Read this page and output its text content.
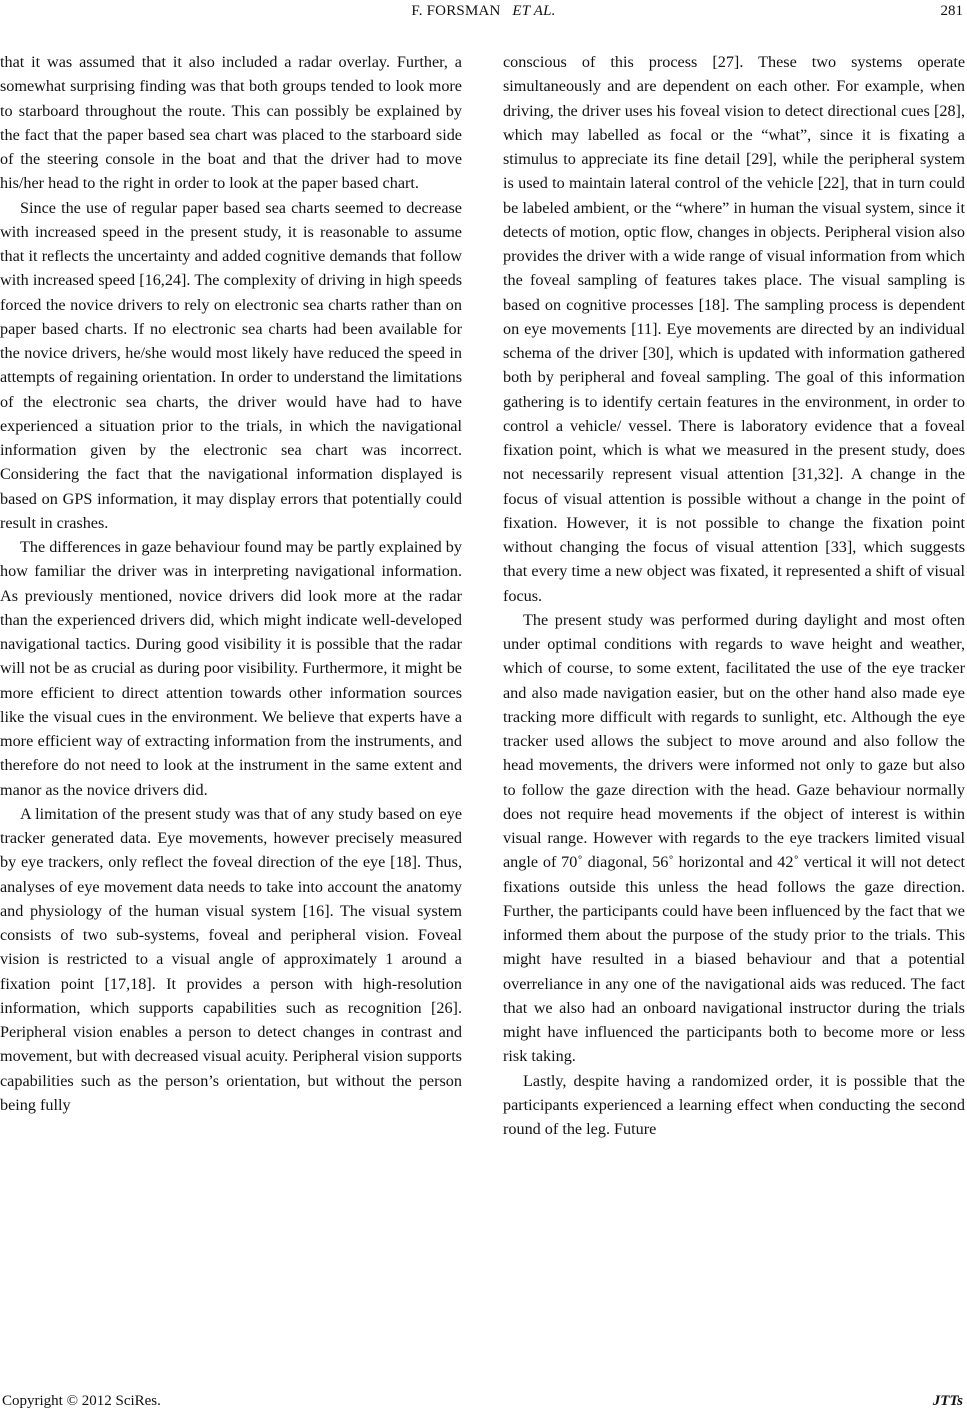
F. FORSMAN ET AL.	281

that it was assumed that it also included a radar overlay. Further, a somewhat surprising finding was that both groups tended to look more to starboard throughout the route. This can possibly be explained by the fact that the paper based sea chart was placed to the starboard side of the steering console in the boat and that the driver had to move his/her head to the right in order to look at the paper based chart.

Since the use of regular paper based sea charts seemed to decrease with increased speed in the present study, it is reasonable to assume that it reflects the uncertainty and added cognitive demands that follow with increased speed [16,24]. The complexity of driving in high speeds forced the novice drivers to rely on electronic sea charts rather than on paper based charts. If no electronic sea charts had been available for the novice drivers, he/she would most likely have reduced the speed in attempts of regaining orientation. In order to understand the limitations of the electronic sea charts, the driver would have had to have experienced a situation prior to the trials, in which the navigational information given by the electronic sea chart was incorrect. Considering the fact that the navigational information displayed is based on GPS information, it may display errors that potentially could result in crashes.

The differences in gaze behaviour found may be partly explained by how familiar the driver was in interpreting navigational information. As previously mentioned, novice drivers did look more at the radar than the experienced drivers did, which might indicate well-developed navigational tactics. During good visibility it is possible that the radar will not be as crucial as during poor visibility. Furthermore, it might be more efficient to direct attention towards other information sources like the visual cues in the environment. We believe that experts have a more efficient way of extracting information from the instruments, and therefore do not need to look at the instrument in the same extent and manor as the novice drivers did.

A limitation of the present study was that of any study based on eye tracker generated data. Eye movements, however precisely measured by eye trackers, only reflect the foveal direction of the eye [18]. Thus, analyses of eye movement data needs to take into account the anatomy and physiology of the human visual system [16]. The visual system consists of two sub-systems, foveal and peripheral vision. Foveal vision is restricted to a visual angle of approximately 1 around a fixation point [17,18]. It provides a person with high-resolution information, which supports capabilities such as recognition [26]. Peripheral vision enables a person to detect changes in contrast and movement, but with decreased visual acuity. Peripheral vision supports capabilities such as the person’s orientation, but without the person being fully

conscious of this process [27]. These two systems operate simultaneously and are dependent on each other. For example, when driving, the driver uses his foveal vision to detect directional cues [28], which may labelled as focal or the “what”, since it is fixating a stimulus to appreciate its fine detail [29], while the peripheral system is used to maintain lateral control of the vehicle [22], that in turn could be labeled ambient, or the “where” in human the visual system, since it detects of motion, optic flow, changes in objects. Peripheral vision also provides the driver with a wide range of visual information from which the foveal sampling of features takes place. The visual sampling is based on cognitive processes [18]. The sampling process is dependent on eye movements [11]. Eye movements are directed by an individual schema of the driver [30], which is updated with information gathered both by peripheral and foveal sampling. The goal of this information gathering is to identify certain features in the environment, in order to control a vehicle/ vessel. There is laboratory evidence that a foveal fixation point, which is what we measured in the present study, does not necessarily represent visual attention [31,32]. A change in the focus of visual attention is possible without a change in the point of fixation. However, it is not possible to change the fixation point without changing the focus of visual attention [33], which suggests that every time a new object was fixated, it represented a shift of visual focus.

The present study was performed during daylight and most often under optimal conditions with regards to wave height and weather, which of course, to some extent, facilitated the use of the eye tracker and also made navigation easier, but on the other hand also made eye tracking more difficult with regards to sunlight, etc. Although the eye tracker used allows the subject to move around and also follow the head movements, the drivers were informed not only to gaze but also to follow the gaze direction with the head. Gaze behaviour normally does not require head movements if the object of interest is within visual range. However with regards to the eye trackers limited visual angle of 70˚ diagonal, 56˚ horizontal and 42˚ vertical it will not detect fixations outside this unless the head follows the gaze direction. Further, the participants could have been influenced by the fact that we informed them about the purpose of the study prior to the trials. This might have resulted in a biased behaviour and that a potential overreliance in any one of the navigational aids was reduced. The fact that we also had an onboard navigational instructor during the trials might have influenced the participants both to become more or less risk taking.

Lastly, despite having a randomized order, it is possible that the participants experienced a learning effect when conducting the second round of the leg. Future

Copyright © 2012 SciRes.	JTTs
